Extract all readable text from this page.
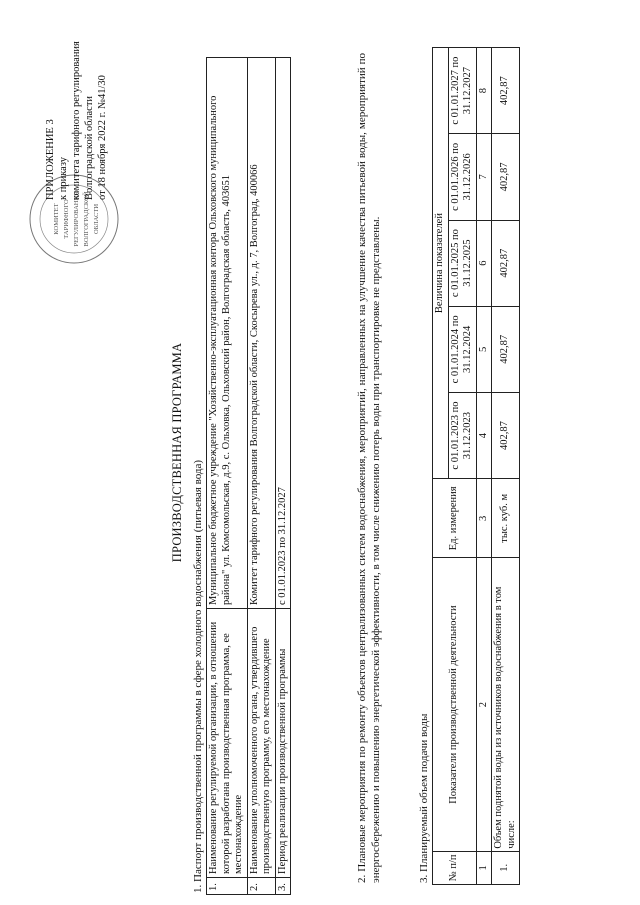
КОМИТЕТ ТАРИФНОГО РЕГУЛИРОВАНИЯ ВОЛГОГРАДСКОЙ ОБЛАСТИ
ПРИЛОЖЕНИЕ 3 к приказу комитета тарифного регулирования Волгоградской области от 18 ноября 2022 г. №41/30
ПРОИЗВОДСТВЕННАЯ ПРОГРАММА
1. Паспорт производственной программы в сфере холодного водоснабжения (питьевая вода) 1.	Наименование регулируемой организации, в отношении которой разработана производственная программа, ее местонахождение	Муниципальное бюджетное учреждение "Хозяйственно-эксплуатационная контора Ольховского муниципального района" ул. Комсомольская, д.9, с. Ольховка, Ольховский район, Волгоградская область, 403651
2.	Наименование уполномоченного органа, утвердившего производственную программу, его местонахождение	Комитет тарифного регулирования Волгоградской области, Скосырева ул., д. 7, Волгоград, 400066
3.	Период реализации производственной программы	с 01.01.2023 по 31.12.2027	2. Плановые мероприятия по ремонту объектов централизованных систем водоснабжения, мероприятий, направленных на улучшение качества питьевой воды, мероприятий по энергосбережению и повышению энергетической эффективности, в том числе снижению потерь воды при транспортировке не представлены.	3. Планируемый объем подачи воды № п/п	Показатели производственной деятельности	Ед. измерения	Величина показателей				
			с 01.01.2023 по 31.12.2023	с 01.01.2024 по 31.12.2024	с 01.01.2025 по 31.12.2025	с 01.01.2026 по 31.12.2026	с 01.01.2027 по 31.12.2027
1	2	3	4	5	6	7	8
1.	Объем поднятой воды из источников водоснабжения в том числе:	тыс. куб. м	402,87	402,87	402,87	402,87	402,87
